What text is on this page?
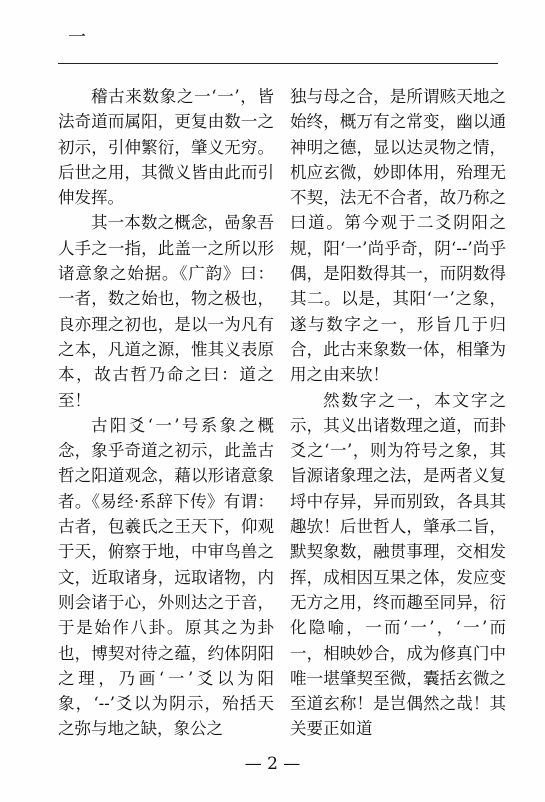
一

稽古来数象之一‘一’，皆法奇道而属阳，更复由数一之初示，引伸繁衍，肇义无穷。后世之用，其微义皆由此而引伸发挥。

其一本数之概念，喦象吾人手之一指，此盖一之所以形诸意象之始据。《广韵》曰：一者，数之始也，物之极也，良亦理之初也，是以一为凡有之本，凡道之源，惟其义表原本，故古哲乃命之曰：道之至！

古阳爻‘一’号系象之概念，象乎奇道之初示，此盖古哲之阳道观念，藉以形诸意象者。《易经·系辞下传》有谓：古者，包羲氏之王天下，仰观于天，俯察于地，中审鸟兽之文，近取诸身，远取诸物，内则会诸于心，外则达之于音，于是始作八卦。原其之为卦也，博契对待之蕴，约体阴阳之理，乃画‘一’爻以为阳象，‘--’爻以为阴示，殆括天之弥与地之缺，象公之

独与母之合，是所谓赅天地之始终，概万有之常变，幽以通神明之德，显以达灵物之情，机应玄微，妙即体用，殆理无不契，法无不合者，故乃称之曰道。第今观于二爻阴阳之规，阳‘一’尚乎奇，阴‘--’尚乎偶，是阳数得其一，而阴数得其二。以是，其阳‘一’之象，遂与数字之一，形旨几于归合，此古来象数一体，相肇为用之由来欤！

然数字之一，本文字之示，其义出诸数理之道，而卦爻之‘一’，则为符号之象，其旨源诸象理之法，是两者义复埒中存异，异而别致，各具其趣欤！后世哲人，肇承二旨，默契象数，融贯事理，交相发挥，成相因互果之体，发应变无方之用，终而趣至同异，衍化隐喻，一而‘一’，‘一’而一，相映妙合，成为修真门中唯一堪肇契至微，囊括玄微之至道玄称！是岂偶然之哉！其关要正如道

— 2 —
